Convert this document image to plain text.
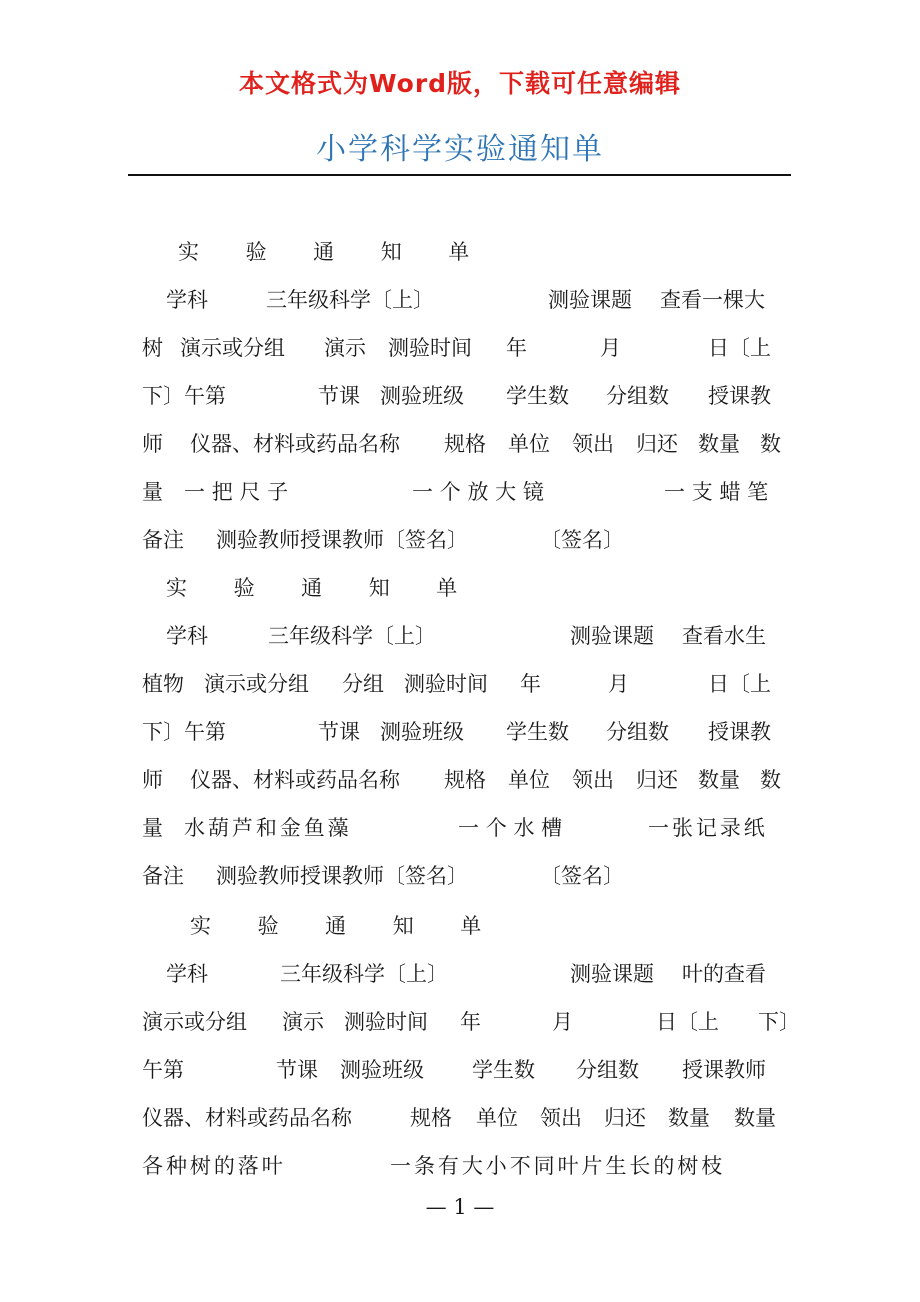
本文格式为Word版，下载可任意编辑
小学科学实验通知单
实 验 通 知 单
学科	三年级科学〔上〕	测验课题 查看一棵大
树 演示或分组 演示 测验时间 年	月	日〔上
下〕午第	节课 测验班级 学生数 分组数 授课教
师 仪器、材料或药品名称 规格 单位 领出 归还 数量 数
量 一把尺子	一个放大镜	一支蜡笔
备注 测验教师授课教师〔签名〕	〔签名〕
实 验 通 知 单
学科	三年级科学〔上〕	测验课题 查看水生
植物 演示或分组 分组 测验时间 年	月	日〔上
下〕午第	节课 测验班级 学生数 分组数 授课教
师 仪器、材料或药品名称 规格 单位 领出 归还 数量 数
量 水葫芦和金鱼藻	一个水槽	一张记录纸
备注 测验教师授课教师〔签名〕	〔签名〕
实 验 通 知 单
学科	三年级科学〔上〕	测验课题 叶的查看
演示或分组 演示 测验时间 年	月	日〔上 下〕
午第	节课 测验班级 学生数 分组数 授课教师
仪器、材料或药品名称	规格 单位 领出 归还 数量 数量
各种树的落叶	一条有大小不同叶片生长的树枝
— 1 —
